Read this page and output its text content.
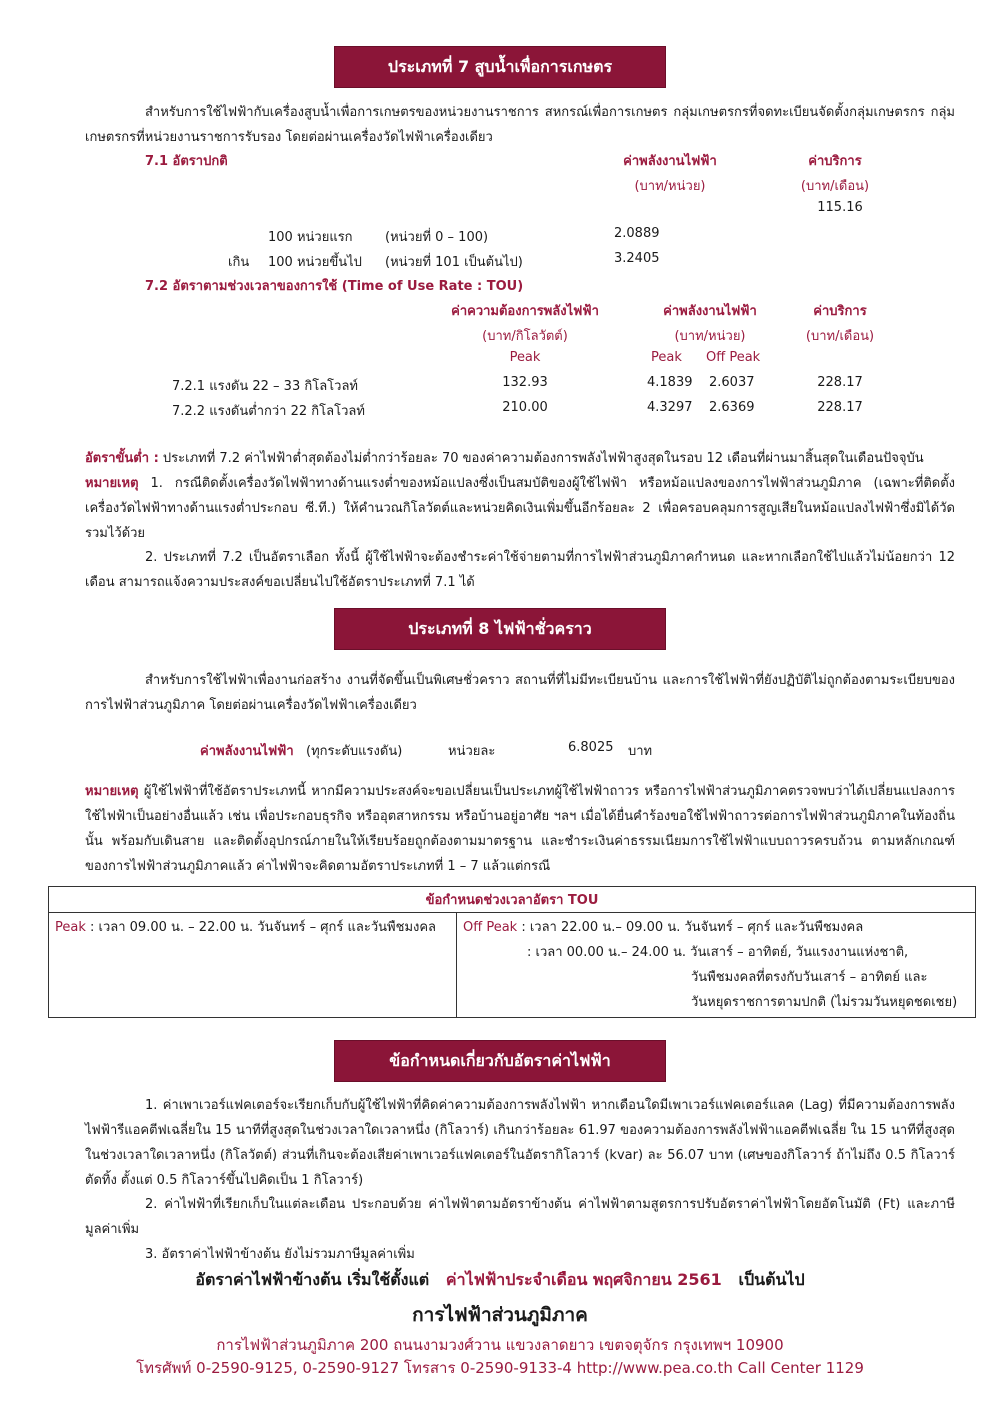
ประเภทที่ 7 สูบน้ำเพื่อการเกษตร
สำหรับการใช้ไฟฟ้ากับเครื่องสูบน้ำเพื่อการเกษตรของหน่วยงานราชการ สหกรณ์เพื่อการเกษตร กลุ่มเกษตรกรที่จดทะเบียนจัดตั้งกลุ่มเกษตรกร กลุ่มเกษตรกรที่หน่วยงานราชการรับรอง โดยต่อผ่านเครื่องวัดไฟฟ้าเครื่องเดียว
7.1 อัตราปกติ	ค่าพลังงานไฟฟ้า
(บาท/หน่วย)
ค่าบริการ
(บาท/เดือน)
115.16
100 หน่วยแรก (หน่วยที่ 0 – 100)	2.0889
เกิน 100 หน่วยขึ้นไป (หน่วยที่ 101 เป็นต้นไป)	3.2405
7.2 อัตราตามช่วงเวลาของการใช้ (Time of Use Rate : TOU)
ค่าความต้องการพลังไฟฟ้า
(บาท/กิโลวัตต์)
Peak
ค่าพลังงานไฟฟ้า
(บาท/หน่วย)
Peak Off Peak
ค่าบริการ
(บาท/เดือน)
7.2.1 แรงดัน 22 – 33 กิโลโวลท์	132.93	4.1839 2.6037	228.17
7.2.2 แรงดันต่ำกว่า 22 กิโลโวลท์	210.00	4.3297 2.6369	228.17
อัตราขั้นต่ำ : ประเภทที่ 7.2 ค่าไฟฟ้าต่ำสุดต้องไม่ต่ำกว่าร้อยละ 70 ของค่าความต้องการพลังไฟฟ้าสูงสุดในรอบ 12 เดือนที่ผ่านมาสิ้นสุดในเดือนปัจจุบัน
หมายเหตุ 1. กรณีติดตั้งเครื่องวัดไฟฟ้าทางด้านแรงต่ำของหม้อแปลงซึ่งเป็นสมบัติของผู้ใช้ไฟฟ้า หรือหม้อแปลงของการไฟฟ้าส่วนภูมิภาค (เฉพาะที่ติดตั้งเครื่องวัดไฟฟ้าทางด้านแรงต่ำประกอบ ซี.ที.) ให้คำนวณกิโลวัตต์และหน่วยคิดเงินเพิ่มขึ้นอีกร้อยละ 2 เพื่อครอบคลุมการสูญเสียในหม้อแปลงไฟฟ้าซึ่งมิได้วัดรวมไว้ด้วย
2. ประเภทที่ 7.2 เป็นอัตราเลือก ทั้งนี้ ผู้ใช้ไฟฟ้าจะต้องชำระค่าใช้จ่ายตามที่การไฟฟ้าส่วนภูมิภาคกำหนด และหากเลือกใช้ไปแล้วไม่น้อยกว่า 12 เดือน สามารถแจ้งความประสงค์ขอเปลี่ยนไปใช้อัตราประเภทที่ 7.1 ได้
ประเภทที่ 8 ไฟฟ้าชั่วคราว
สำหรับการใช้ไฟฟ้าเพื่องานก่อสร้าง งานที่จัดขึ้นเป็นพิเศษชั่วคราว สถานที่ที่ไม่มีทะเบียนบ้าน และการใช้ไฟฟ้าที่ยังปฏิบัติไม่ถูกต้องตามระเบียบของการไฟฟ้าส่วนภูมิภาค โดยต่อผ่านเครื่องวัดไฟฟ้าเครื่องเดียว
ค่าพลังงานไฟฟ้า (ทุกระดับแรงดัน)	หน่วยละ	6.8025 บาท
หมายเหตุ ผู้ใช้ไฟฟ้าที่ใช้อัตราประเภทนี้ หากมีความประสงค์จะขอเปลี่ยนเป็นประเภทผู้ใช้ไฟฟ้าถาวร หรือการไฟฟ้าส่วนภูมิภาคตรวจพบว่าได้เปลี่ยนแปลงการใช้ไฟฟ้าเป็นอย่างอื่นแล้ว เช่น เพื่อประกอบธุรกิจ หรืออุตสาหกรรม หรือบ้านอยู่อาศัย ฯลฯ เมื่อได้ยื่นคำร้องขอใช้ไฟฟ้าถาวรต่อการไฟฟ้าส่วนภูมิภาคในท้องถิ่นนั้น พร้อมกับเดินสาย และติดตั้งอุปกรณ์ภายในให้เรียบร้อยถูกต้องตามมาตรฐาน และชำระเงินค่าธรรมเนียมการใช้ไฟฟ้าแบบถาวรครบถ้วน ตามหลักเกณฑ์ของการไฟฟ้าส่วนภูมิภาคแล้ว ค่าไฟฟ้าจะคิดตามอัตราประเภทที่ 1 – 7 แล้วแต่กรณี
ข้อกำหนดช่วงเวลาอัตรา TOU

Peak : เวลา 09.00 น. – 22.00 น. วันจันทร์ – ศุกร์ และวันพืชมงคล	Off Peak : เวลา 22.00 น.– 09.00 น. วันจันทร์ – ศุกร์ และวันพืชมงคล
: เวลา 00.00 น.– 24.00 น. วันเสาร์ – อาทิตย์, วันแรงงานแห่งชาติ,
วันพืชมงคลที่ตรงกับวันเสาร์ – อาทิตย์ และ
วันหยุดราชการตามปกติ (ไม่รวมวันหยุดชดเชย)
ข้อกำหนดเกี่ยวกับอัตราค่าไฟฟ้า
1. ค่าเพาเวอร์แฟคเตอร์จะเรียกเก็บกับผู้ใช้ไฟฟ้าที่คิดค่าความต้องการพลังไฟฟ้า หากเดือนใดมีเพาเวอร์แฟคเตอร์แลค (Lag) ที่มีความต้องการพลังไฟฟ้ารีแอคตีฟเฉลี่ยใน 15 นาทีที่สูงสุดในช่วงเวลาใดเวลาหนึ่ง (กิโลวาร์) เกินกว่าร้อยละ 61.97 ของความต้องการพลังไฟฟ้าแอคตีฟเฉลี่ย ใน 15 นาทีที่สูงสุดในช่วงเวลาใดเวลาหนึ่ง (กิโลวัตต์) ส่วนที่เกินจะต้องเสียค่าเพาเวอร์แฟคเตอร์ในอัตรากิโลวาร์ (kvar) ละ 56.07 บาท (เศษของกิโลวาร์ ถ้าไม่ถึง 0.5 กิโลวาร์ตัดทิ้ง ตั้งแต่ 0.5 กิโลวาร์ขึ้นไปคิดเป็น 1 กิโลวาร์)
2. ค่าไฟฟ้าที่เรียกเก็บในแต่ละเดือน ประกอบด้วย ค่าไฟฟ้าตามอัตราข้างต้น ค่าไฟฟ้าตามสูตรการปรับอัตราค่าไฟฟ้าโดยอัตโนมัติ (Ft) และภาษีมูลค่าเพิ่ม
3. อัตราค่าไฟฟ้าข้างต้น ยังไม่รวมภาษีมูลค่าเพิ่ม
อัตราค่าไฟฟ้าข้างต้น เริ่มใช้ตั้งแต่ ค่าไฟฟ้าประจำเดือน พฤศจิกายน 2561 เป็นต้นไป
การไฟฟ้าส่วนภูมิภาค
การไฟฟ้าส่วนภูมิภาค 200 ถนนงามวงศ์วาน แขวงลาดยาว เขตจตุจักร กรุงเทพฯ 10900
โทรศัพท์ 0-2590-9125, 0-2590-9127 โทรสาร 0-2590-9133-4 http://www.pea.co.th Call Center 1129
